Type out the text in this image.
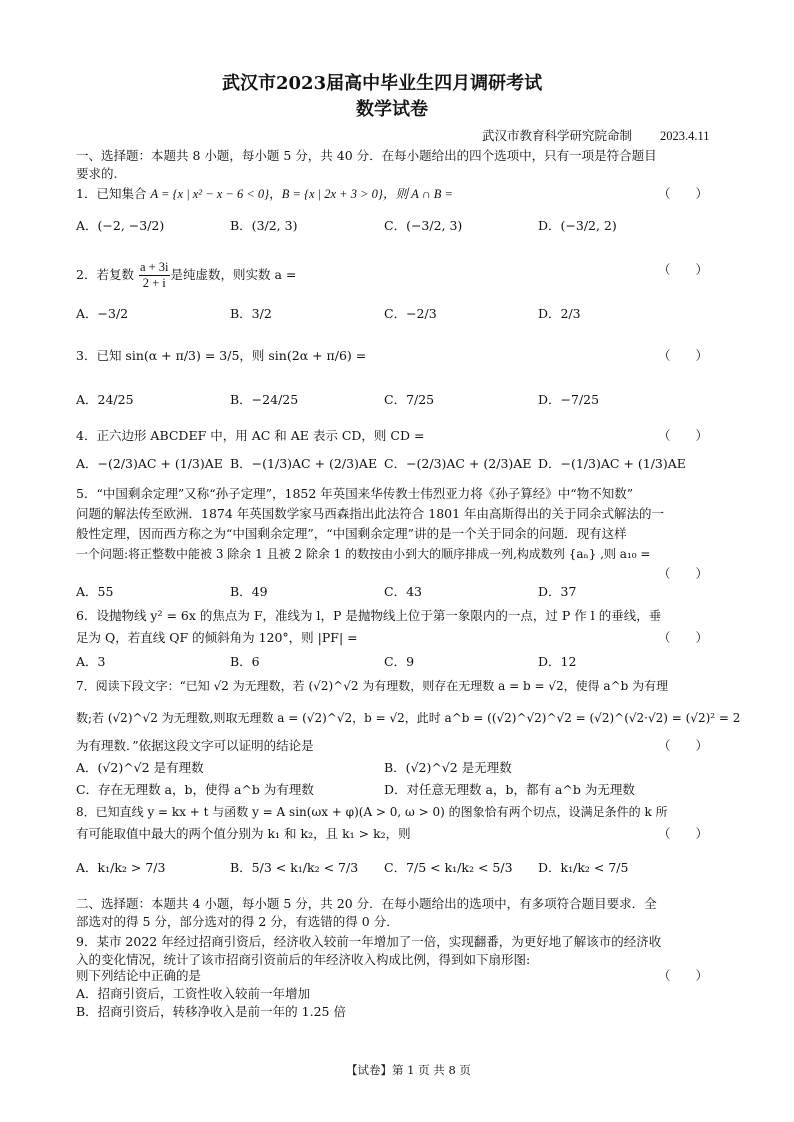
武汉市2023届高中毕业生四月调研考试
数学试卷
武汉市教育科学研究院命制 2023.4.11
一、选择题：本题共 8 小题，每小题 5 分，共 40 分．在每小题给出的四个选项中，只有一项是符合题目
要求的.
1．已知集合 A = {x | x² − x − 6 < 0}，B = {x | 2x + 3 > 0}，则 A ∩ B =	（　　）
A．(−2, −3/2)	B．(3/2, 3)	C．(−3/2, 3)	D．(−3/2, 2)
2．若复数 $\frac{a + 3i}{2 + i}$ 是纯虚数，则实数 a =	（　　）
A．−3/2	B．3/2	C．−2/3	D．2/3
3．已知 sin(α + π/3) = 3/5，则 sin(2α + π/6) =	（　　）
A．24/25	B．−24/25	C．7/25	D．−7/25
4．正六边形 ABCDEF 中，用 AC 和 AE 表示 CD，则 CD =	（　　）
A．−(2/3)AC + (1/3)AE B．−(1/3)AC + (2/3)AE C．−(2/3)AC + (2/3)AE D．−(1/3)AC + (1/3)AE
5．“中国剩余定理”又称“孙子定理”，1852 年英国来华传教士伟烈亚力将《孙子算经》中“物不知数”
问题的解法传至欧洲．1874 年英国数学家马西森指出此法符合 1801 年由高斯得出的关于同余式解法的一
般性定理，因而西方称之为“中国剩余定理”，“中国剩余定理”讲的是一个关于同余的问题．现有这样
一个问题:将正整数中能被 3 除余 1 且被 2 除余 1 的数按由小到大的顺序排成一列,构成数列 {aₙ} ,则 a₁₀ =
（　　）
A．55	B．49	C．43	D．37
6．设抛物线 y² = 6x 的焦点为 F，准线为 l，P 是抛物线上位于第一象限内的一点，过 P 作 l 的垂线，垂
足为 Q，若直线 QF 的倾斜角为 120°，则 |PF| =	（　　）
A．3	B．6	C．9	D．12
7．阅读下段文字：“已知 √2 为无理数，若 (√2)^√2 为有理数，则存在无理数 a = b = √2，使得 a^b 为有理
数;若 (√2)^√2 为无理数,则取无理数 a = (√2)^√2，b = √2，此时 a^b = ((√2)^√2)^√2 = (√2)^(√2·√2) = (√2)² = 2
为有理数．”依据这段文字可以证明的结论是	（　　）
A．(√2)^√2 是有理数	B．(√2)^√2 是无理数
C．存在无理数 a，b，使得 a^b 为有理数	D．对任意无理数 a，b，都有 a^b 为无理数
8．已知直线 y = kx + t 与函数 y = A sin(ωx + φ)(A > 0, ω > 0) 的图象恰有两个切点，设满足条件的 k 所
有可能取值中最大的两个值分别为 k₁ 和 k₂，且 k₁ > k₂，则	（　　）
A．k₁/k₂ > 7/3	B．5/3 < k₁/k₂ < 7/3 C．7/5 < k₁/k₂ < 5/3 D．k₁/k₂ < 7/5
二、选择题：本题共 4 小题，每小题 5 分，共 20 分．在每小题给出的选项中，有多项符合题目要求．全
部选对的得 5 分，部分选对的得 2 分，有选错的得 0 分．
9．某市 2022 年经过招商引资后，经济收入较前一年增加了一倍，实现翻番，为更好地了解该市的经济收
入的变化情况，统计了该市招商引资前后的年经济收入构成比例，得到如下扇形图:
则下列结论中正确的是	（　　）
A．招商引资后，工资性收入较前一年增加
B．招商引资后，转移净收入是前一年的 1.25 倍
【试卷】第 1 页 共 8 页
